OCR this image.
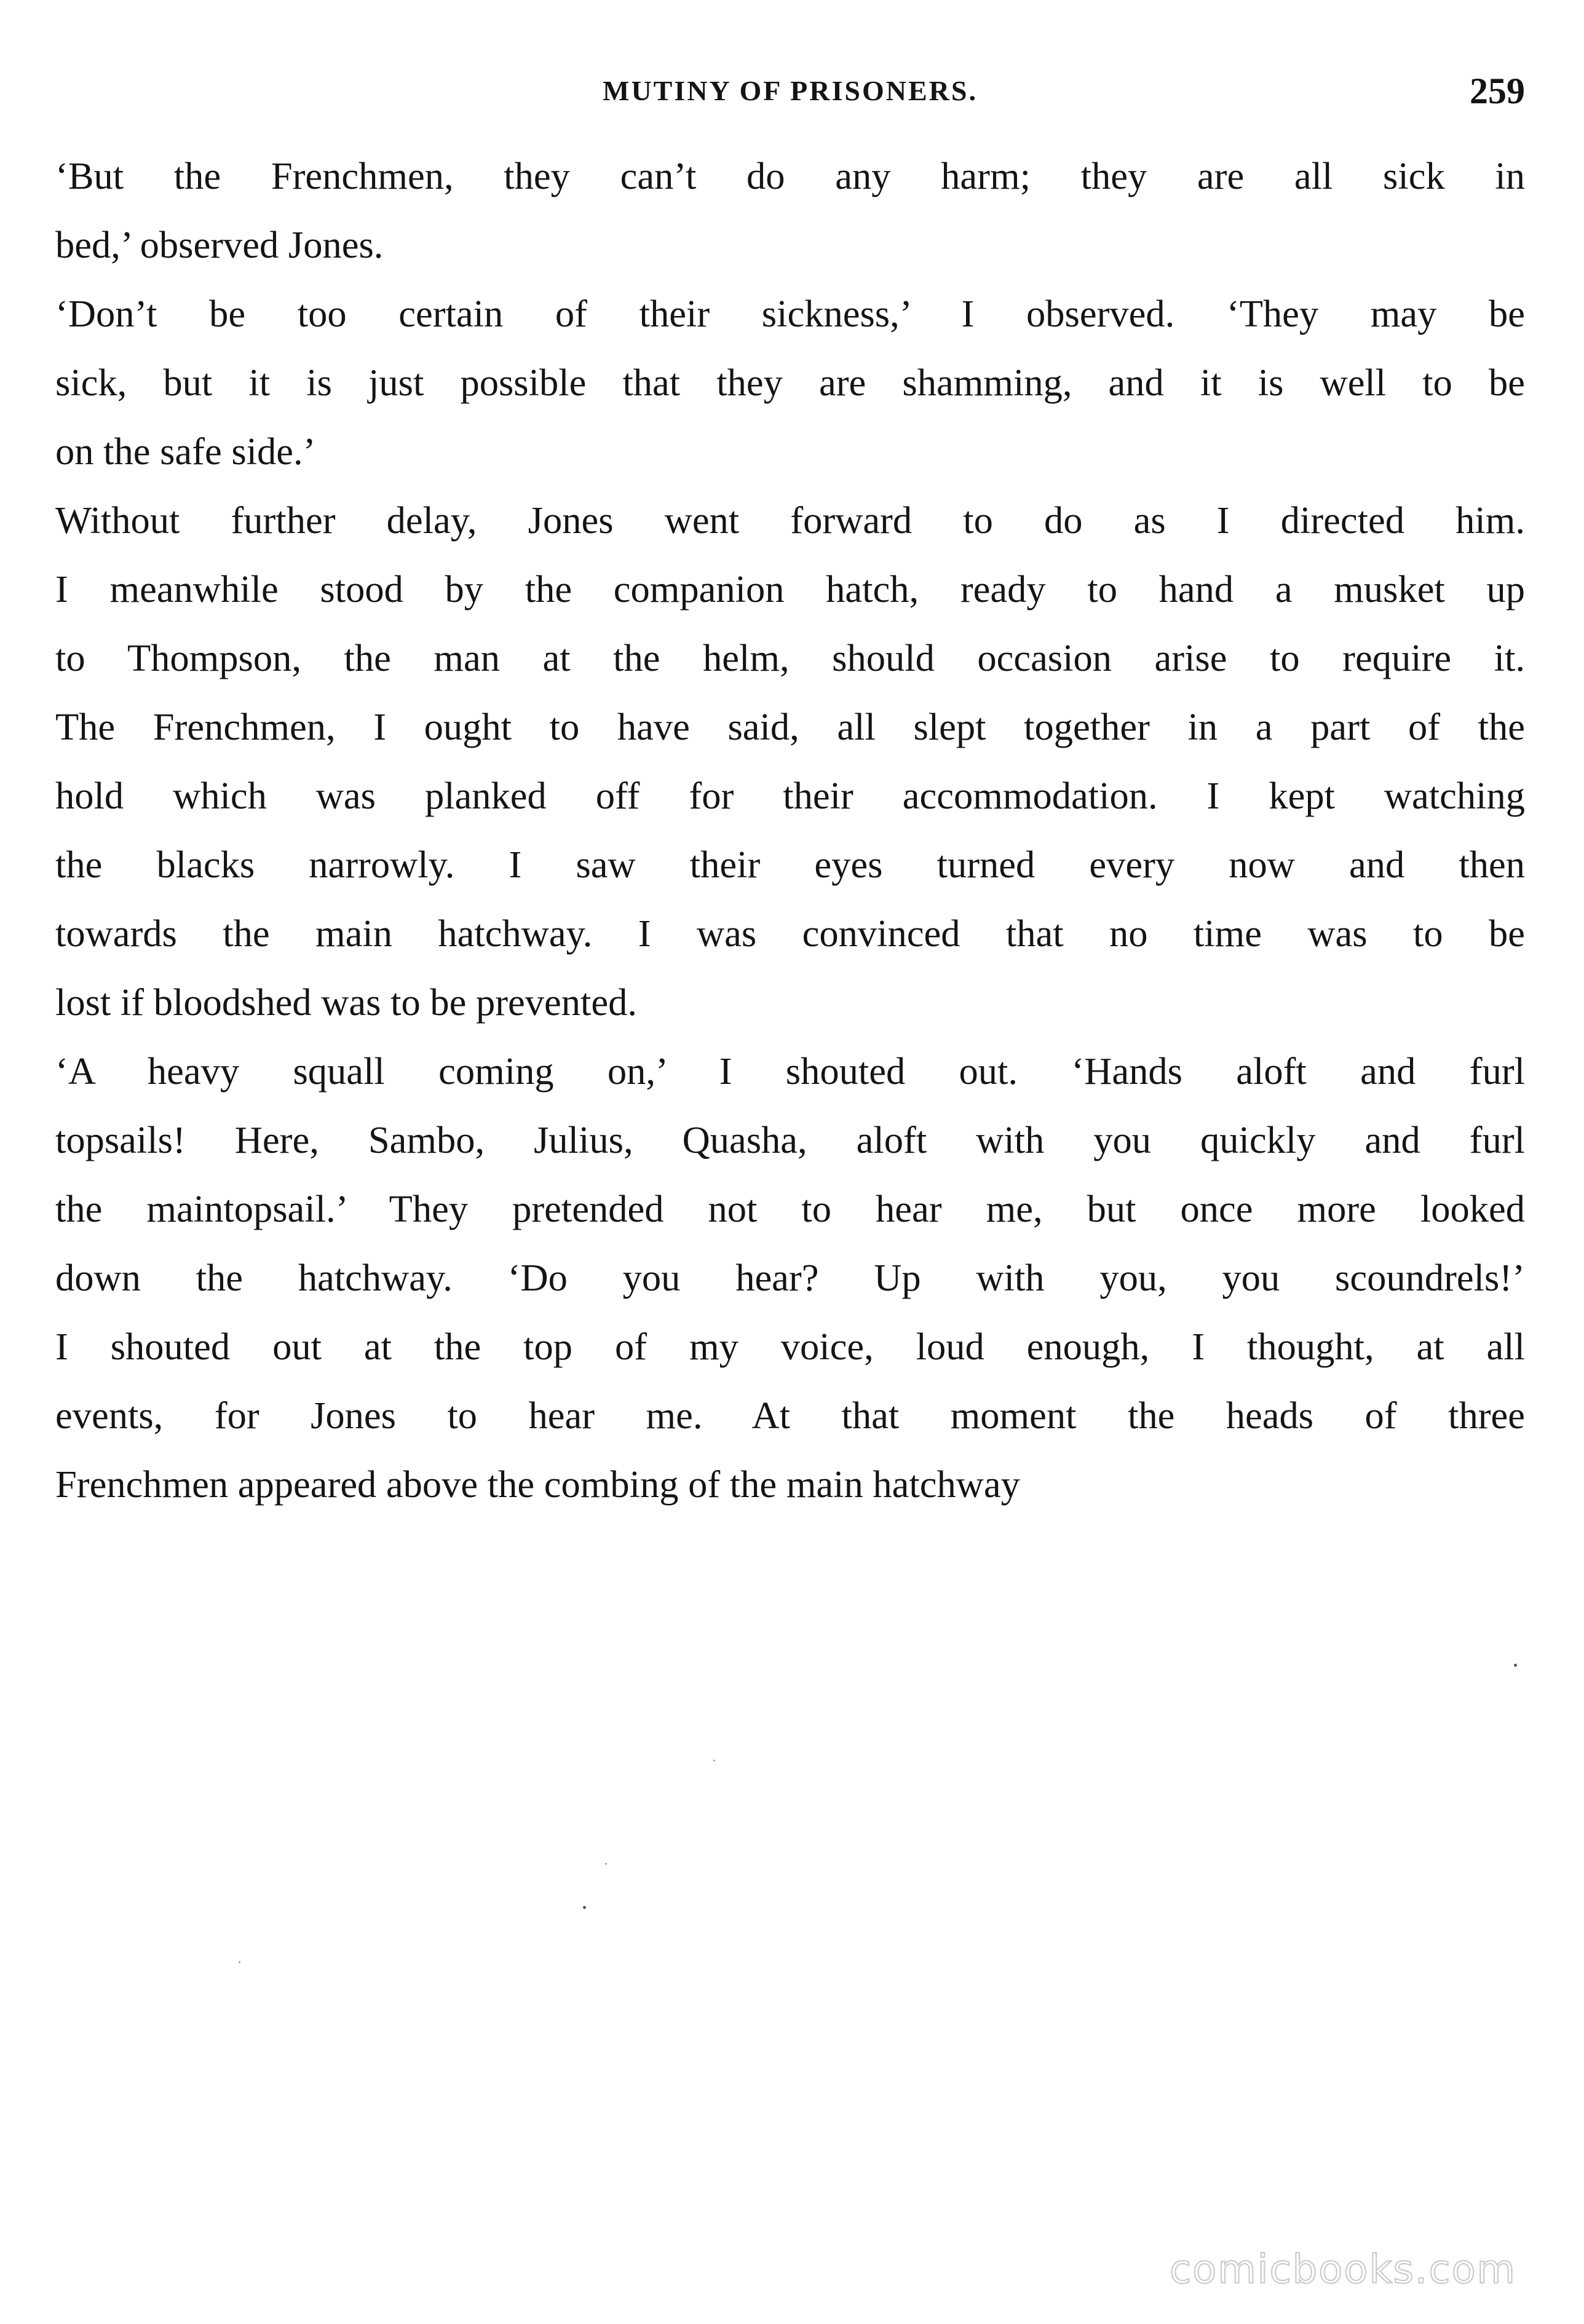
MUTINY OF PRISONERS.	259
‘But the Frenchmen, they can’t do any harm; they are all sick in
bed,’ observed Jones.
‘Don’t be too certain of their sickness,’ I observed. ‘They may be
sick, but it is just possible that they are shamming, and it is well to be
on the safe side.’
Without further delay, Jones went forward to do as I directed him.
I meanwhile stood by the companion hatch, ready to hand a musket up
to Thompson, the man at the helm, should occasion arise to require it.
The Frenchmen, I ought to have said, all slept together in a part of the
hold which was planked off for their accommodation. I kept watching
the blacks narrowly. I saw their eyes turned every now and then
towards the main hatchway. I was convinced that no time was to be
lost if bloodshed was to be prevented.
‘A heavy squall coming on,’ I shouted out. ‘Hands aloft and furl
topsails! Here, Sambo, Julius, Quasha, aloft with you quickly and furl
the maintopsail.’ They pretended not to hear me, but once more looked
down the hatchway. ‘Do you hear? Up with you, you scoundrels!’
I shouted out at the top of my voice, loud enough, I thought, at all
events, for Jones to hear me. At that moment the heads of three
Frenchmen appeared above the combing of the main hatchway
comicbooks.com
